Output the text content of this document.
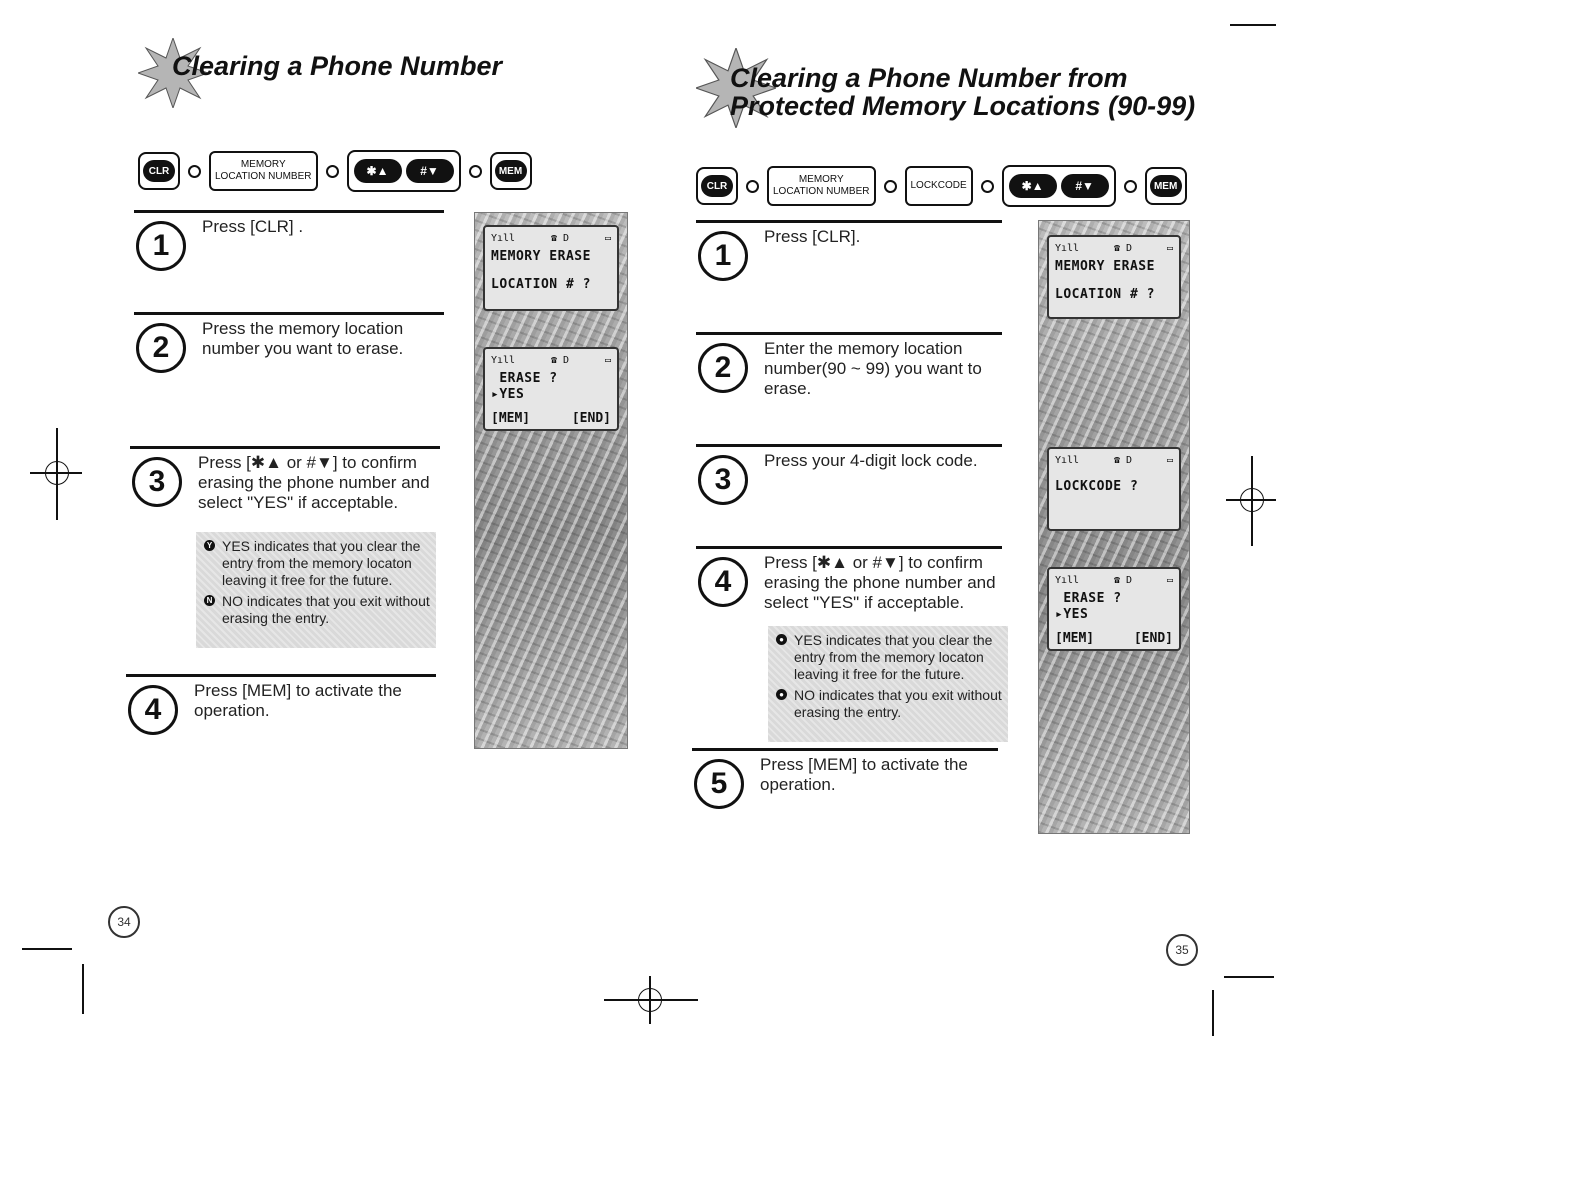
Clearing a Phone Number
CLR
MEMORY
LOCATION NUMBER	✱▲	#▼	MEM
1
Press [CLR] .
2
Press the memory location number you want to erase.
3
Press [✱▲ or #▼] to confirm erasing the phone number and select "YES" if acceptable.
Y YES indicates that you clear the entry from the memory locaton leaving it free for the future.
N NO indicates that you exit without erasing the entry.
4
Press [MEM] to activate the operation.
Yıll	☎ D	▭
MEMORY ERASE
LOCATION # ?
Yıll	☎ D	▭
ERASE ?
▸YES
[MEM]	[END]
34
Clearing a Phone Number from
Protected Memory Locations (90-99)
CLR
MEMORY
LOCATION NUMBER
LOCKCODE	✱▲	#▼	MEM
1
Press [CLR].
2
Enter the memory location number(90 ~ 99) you want to erase.
3
Press your 4-digit lock code.
4
Press [✱▲ or #▼] to confirm erasing the phone number and select "YES" if acceptable.
● YES indicates that you clear the entry from the memory locaton leaving it free for the future.
● NO indicates that you exit without erasing the entry.
5
Press [MEM] to activate the operation.
Yıll	☎ D	▭
MEMORY ERASE
LOCATION # ?
Yıll	☎ D	▭
LOCKCODE ?
Yıll	☎ D	▭
ERASE ?
▸YES
[MEM]	[END]
35
